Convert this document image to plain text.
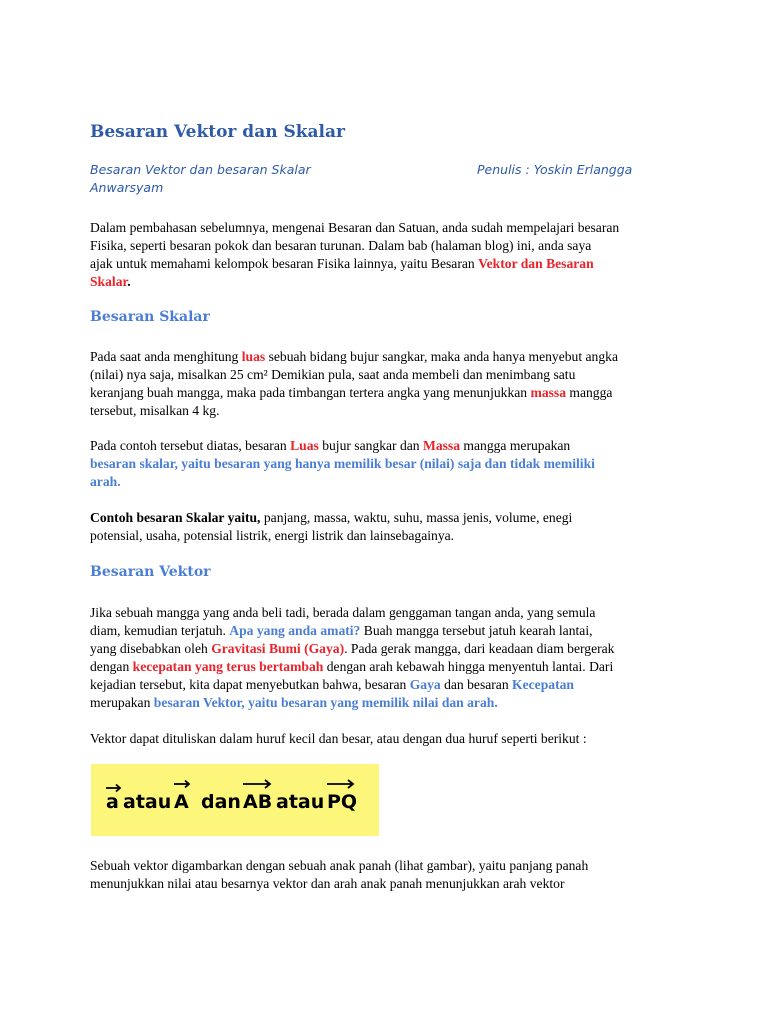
Besaran Vektor dan Skalar
Besaran Vektor dan besaran Skalar
Anwarsyam
Penulis : Yoskin Erlangga
Dalam pembahasan sebelumnya, mengenai Besaran dan Satuan, anda sudah mempelajari besaran
Fisika, seperti besaran pokok dan besaran turunan. Dalam bab (halaman blog) ini, anda saya
ajak untuk memahami kelompok besaran Fisika lainnya, yaitu Besaran Vektor dan Besaran
Skalar.
Besaran Skalar
Pada saat anda menghitung luas sebuah bidang bujur sangkar, maka anda hanya menyebut angka
(nilai) nya saja, misalkan 25 cm² Demikian pula, saat anda membeli dan menimbang satu
keranjang buah mangga, maka pada timbangan tertera angka yang menunjukkan massa mangga
tersebut, misalkan 4 kg.
Pada contoh tersebut diatas, besaran Luas bujur sangkar dan Massa mangga merupakan
besaran skalar, yaitu besaran yang hanya memilik besar (nilai) saja dan tidak memiliki
arah.
Contoh besaran Skalar yaitu, panjang, massa, waktu, suhu, massa jenis, volume, enegi
potensial, usaha, potensial listrik, energi listrik dan lainsebagainya.
Besaran Vektor
Jika sebuah mangga yang anda beli tadi, berada dalam genggaman tangan anda, yang semula
diam, kemudian terjatuh. Apa yang anda amati? Buah mangga tersebut jatuh kearah lantai,
yang disebabkan oleh Gravitasi Bumi (Gaya). Pada gerak mangga, dari keadaan diam bergerak
dengan kecepatan yang terus bertambah dengan arah kebawah hingga menyentuh lantai. Dari
kejadian tersebut, kita dapat menyebutkan bahwa, besaran Gaya dan besaran Kecepatan
merupakan besaran Vektor, yaitu besaran yang memilik nilai dan arah.
Vektor dapat dituliskan dalam huruf kecil dan besar, atau dengan dua huruf seperti berikut :
a atau A dan AB atau PQ
Sebuah vektor digambarkan dengan sebuah anak panah (lihat gambar), yaitu panjang panah
menunjukkan nilai atau besarnya vektor dan arah anak panah menunjukkan arah vektor
